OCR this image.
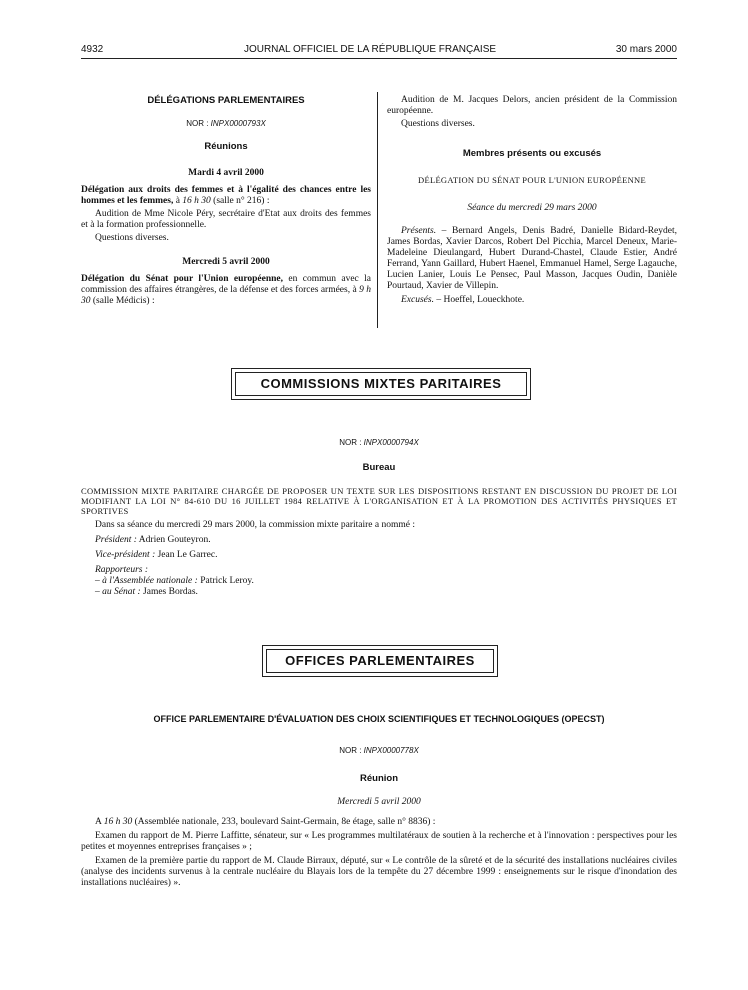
4932	JOURNAL OFFICIEL DE LA RÉPUBLIQUE FRANÇAISE	30 mars 2000
DÉLÉGATIONS PARLEMENTAIRES
NOR : INPX0000793X
Réunions
Mardi 4 avril 2000

Délégation aux droits des femmes et à l'égalité des chances entre les hommes et les femmes, à 16 h 30 (salle n° 216) :

Audition de Mme Nicole Péry, secrétaire d'Etat aux droits des femmes et à la formation professionnelle.

Questions diverses.

Mercredi 5 avril 2000

Délégation du Sénat pour l'Union européenne, en commun avec la commission des affaires étrangères, de la défense et des forces armées, à 9 h 30 (salle Médicis) :

Audition de M. Jacques Delors, ancien président de la Commission européenne.

Questions diverses.

Membres présents ou excusés
DÉLÉGATION DU SÉNAT POUR L'UNION EUROPÉENNE
Séance du mercredi 29 mars 2000

Présents. – Bernard Angels, Denis Badré, Danielle Bidard-Reydet, James Bordas, Xavier Darcos, Robert Del Picchia, Marcel Deneux, Marie-Madeleine Dieulangard, Hubert Durand-Chastel, Claude Estier, André Ferrand, Yann Gaillard, Hubert Haenel, Emmanuel Hamel, Serge Lagauche, Lucien Lanier, Louis Le Pensec, Paul Masson, Jacques Oudin, Danièle Pourtaud, Xavier de Villepin.

Excusés. – Hoeffel, Loueckhote.

COMMISSIONS MIXTES PARITAIRES
NOR : INPX0000794X
Bureau

COMMISSION MIXTE PARITAIRE CHARGÉE DE PROPOSER UN TEXTE SUR LES DISPOSITIONS RESTANT EN DISCUSSION DU PROJET DE LOI MODIFIANT LA LOI N° 84-610 DU 16 JUILLET 1984 RELATIVE À L'ORGANISATION ET À LA PROMOTION DES ACTIVITÉS PHYSIQUES ET SPORTIVES

Dans sa séance du mercredi 29 mars 2000, la commission mixte paritaire a nommé :

Président : Adrien Gouteyron.

Vice-président : Jean Le Garrec.

Rapporteurs :

– à l'Assemblée nationale : Patrick Leroy.

– au Sénat : James Bordas.

OFFICES PARLEMENTAIRES
OFFICE PARLEMENTAIRE D'ÉVALUATION DES CHOIX SCIENTIFIQUES ET TECHNOLOGIQUES (OPECST)
NOR : INPX0000778X
Réunion
Mercredi 5 avril 2000

A 16 h 30 (Assemblée nationale, 233, boulevard Saint-Germain, 8e étage, salle n° 8836) :

Examen du rapport de M. Pierre Laffitte, sénateur, sur « Les programmes multilatéraux de soutien à la recherche et à l'innovation : perspectives pour les petites et moyennes entreprises françaises » ;

Examen de la première partie du rapport de M. Claude Birraux, député, sur « Le contrôle de la sûreté et de la sécurité des installations nucléaires civiles (analyse des incidents survenus à la centrale nucléaire du Blayais lors de la tempête du 27 décembre 1999 : enseignements sur le risque d'inondation des installations nucléaires) ».
